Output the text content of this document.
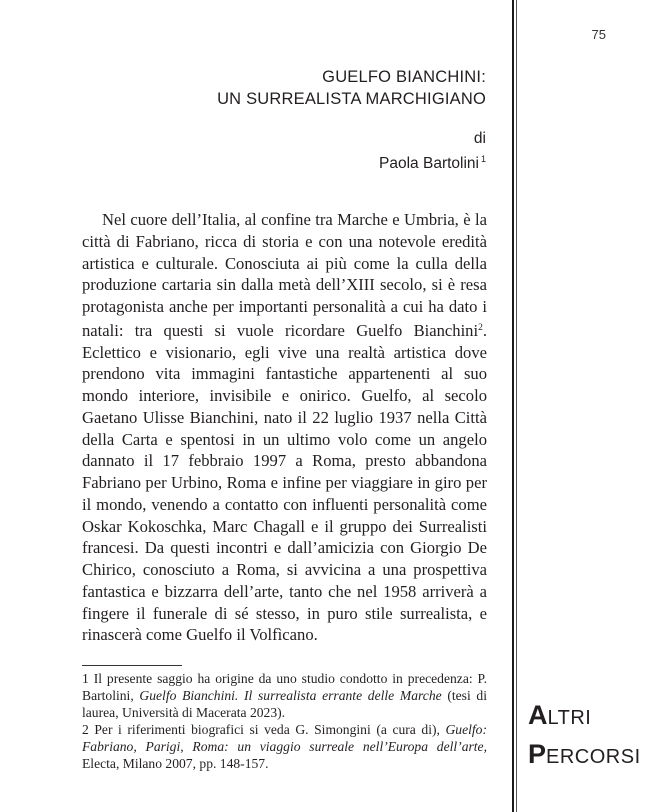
75
GUELFO BIANCHINI:
UN SURREALISTA MARCHIGIANO
di
Paola Bartolini $^1$

Nel cuore dell’Italia, al confine tra Marche e Umbria, è la città di Fabriano, ricca di storia e con una notevole eredità artistica e culturale. Conosciuta ai più come la culla della produzione cartaria sin dalla metà dell’XIII secolo, si è resa protagonista anche per importanti personalità a cui ha dato i natali: tra questi si vuole ricordare Guelfo Bianchini$^2$. Eclettico e visionario, egli vive una realtà artistica dove prendono vita immagini fantastiche appartenenti al suo mondo interiore, invisibile e onirico. Guelfo, al secolo Gaetano Ulisse Bianchini, nato il 22 luglio 1937 nella Città della Carta e spentosi in un ultimo volo come un angelo dannato il 17 febbraio 1997 a Roma, presto abbandona Fabriano per Urbino, Roma e infine per viaggiare in giro per il mondo, venendo a contatto con influenti personalità come Oskar Kokoschka, Marc Chagall e il gruppo dei Surrealisti francesi. Da questi incontri e dall’amicizia con Giorgio De Chirico, conosciuto a Roma, si avvicina a una prospettiva fantastica e bizzarra dell’arte, tanto che nel 1958 arriverà a fingere il funerale di sé stesso, in puro stile surrealista, e rinascerà come Guelfo il Volfìcano.

1 Il presente saggio ha origine da uno studio condotto in precedenza: P. Bartolini, Guelfo Bianchini. Il surrealista errante delle Marche (tesi di laurea, Università di Macerata 2023).

2 Per i riferimenti biografici si veda G. Simongini (a cura di), Guelfo: Fabriano, Parigi, Roma: un viaggio surreale nell’Europa dell’arte, Electa, Milano 2007, pp. 148-157.

ALTRI
PERCORSI
